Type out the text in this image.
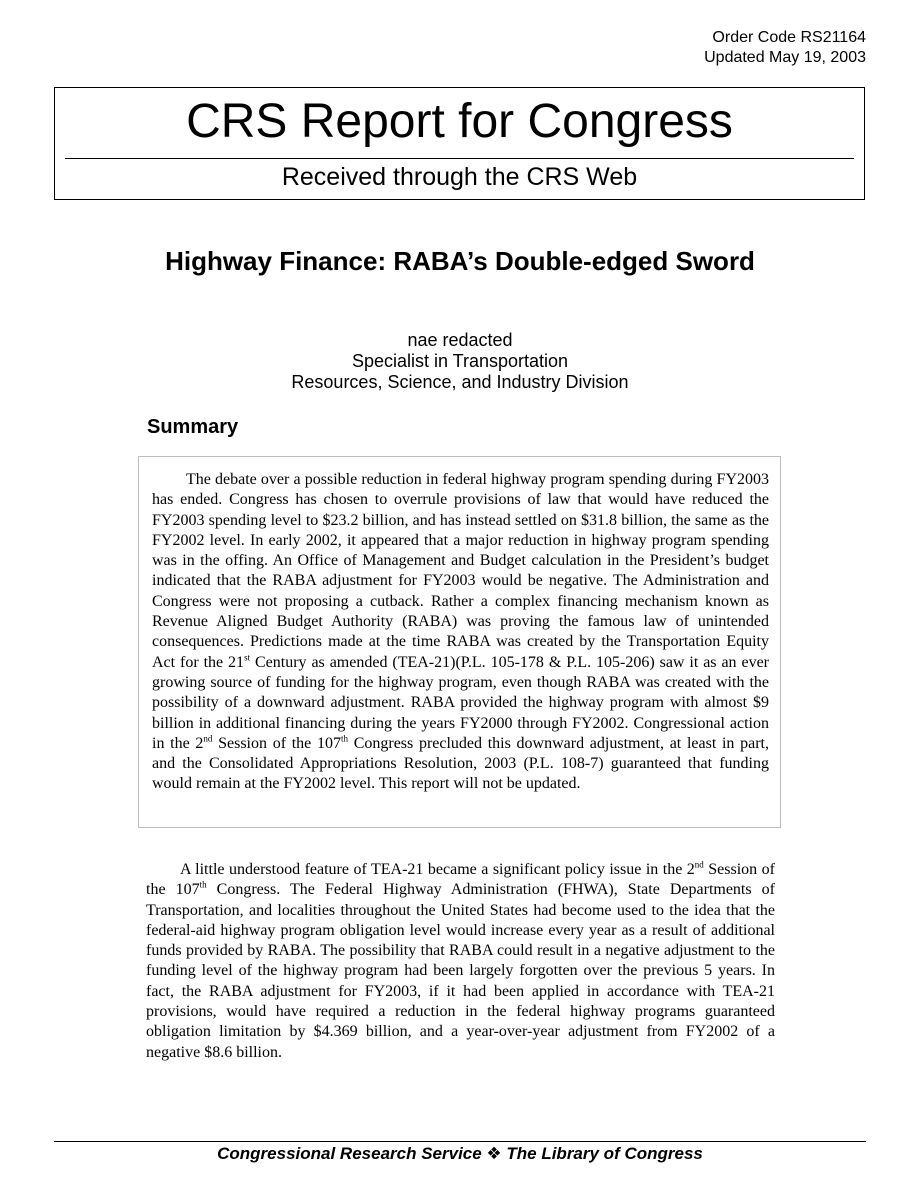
Order Code RS21164
Updated May 19, 2003
CRS Report for Congress
Received through the CRS Web
Highway Finance: RABA’s Double-edged Sword
nae redacted
Specialist in Transportation
Resources, Science, and Industry Division
Summary
The debate over a possible reduction in federal highway program spending during FY2003 has ended. Congress has chosen to overrule provisions of law that would have reduced the FY2003 spending level to $23.2 billion, and has instead settled on $31.8 billion, the same as the FY2002 level. In early 2002, it appeared that a major reduction in highway program spending was in the offing. An Office of Management and Budget calculation in the President’s budget indicated that the RABA adjustment for FY2003 would be negative. The Administration and Congress were not proposing a cutback. Rather a complex financing mechanism known as Revenue Aligned Budget Authority (RABA) was proving the famous law of unintended consequences. Predictions made at the time RABA was created by the Transportation Equity Act for the 21st Century as amended (TEA-21)(P.L. 105-178 & P.L. 105-206) saw it as an ever growing source of funding for the highway program, even though RABA was created with the possibility of a downward adjustment. RABA provided the highway program with almost $9 billion in additional financing during the years FY2000 through FY2002. Congressional action in the 2nd Session of the 107th Congress precluded this downward adjustment, at least in part, and the Consolidated Appropriations Resolution, 2003 (P.L. 108-7) guaranteed that funding would remain at the FY2002 level. This report will not be updated.
A little understood feature of TEA-21 became a significant policy issue in the 2nd Session of the 107th Congress. The Federal Highway Administration (FHWA), State Departments of Transportation, and localities throughout the United States had become used to the idea that the federal-aid highway program obligation level would increase every year as a result of additional funds provided by RABA. The possibility that RABA could result in a negative adjustment to the funding level of the highway program had been largely forgotten over the previous 5 years. In fact, the RABA adjustment for FY2003, if it had been applied in accordance with TEA-21 provisions, would have required a reduction in the federal highway programs guaranteed obligation limitation by $4.369 billion, and a year-over-year adjustment from FY2002 of a negative $8.6 billion.
Congressional Research Service ❖ The Library of Congress
